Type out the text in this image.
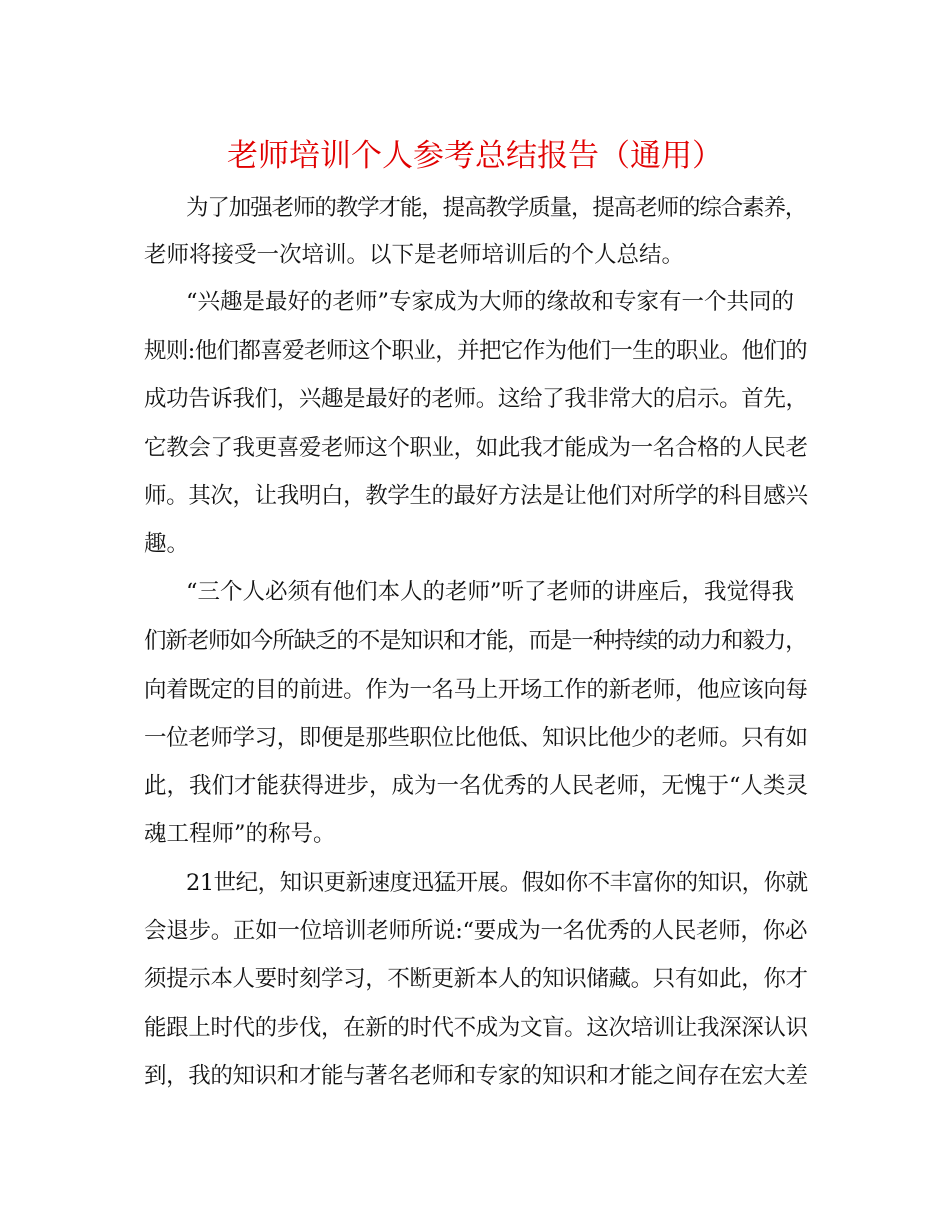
老师培训个人参考总结报告（通用）
为了加强老师的教学才能，提高教学质量，提高老师的综合素养，
老师将接受一次培训。以下是老师培训后的个人总结。
“兴趣是最好的老师”专家成为大师的缘故和专家有一个共同的
规则:他们都喜爱老师这个职业，并把它作为他们一生的职业。他们的
成功告诉我们，兴趣是最好的老师。这给了我非常大的启示。首先，
它教会了我更喜爱老师这个职业，如此我才能成为一名合格的人民老
师。其次，让我明白，教学生的最好方法是让他们对所学的科目感兴
趣。
“三个人必须有他们本人的老师”听了老师的讲座后，我觉得我
们新老师如今所缺乏的不是知识和才能，而是一种持续的动力和毅力，
向着既定的目的前进。作为一名马上开场工作的新老师，他应该向每
一位老师学习，即便是那些职位比他低、知识比他少的老师。只有如
此，我们才能获得进步，成为一名优秀的人民老师，无愧于“人类灵
魂工程师”的称号。
21世纪，知识更新速度迅猛开展。假如你不丰富你的知识，你就
会退步。正如一位培训老师所说:“要成为一名优秀的人民老师，你必
须提示本人要时刻学习，不断更新本人的知识储藏。只有如此，你才
能跟上时代的步伐，在新的时代不成为文盲。这次培训让我深深认识
到，我的知识和才能与著名老师和专家的知识和才能之间存在宏大差
